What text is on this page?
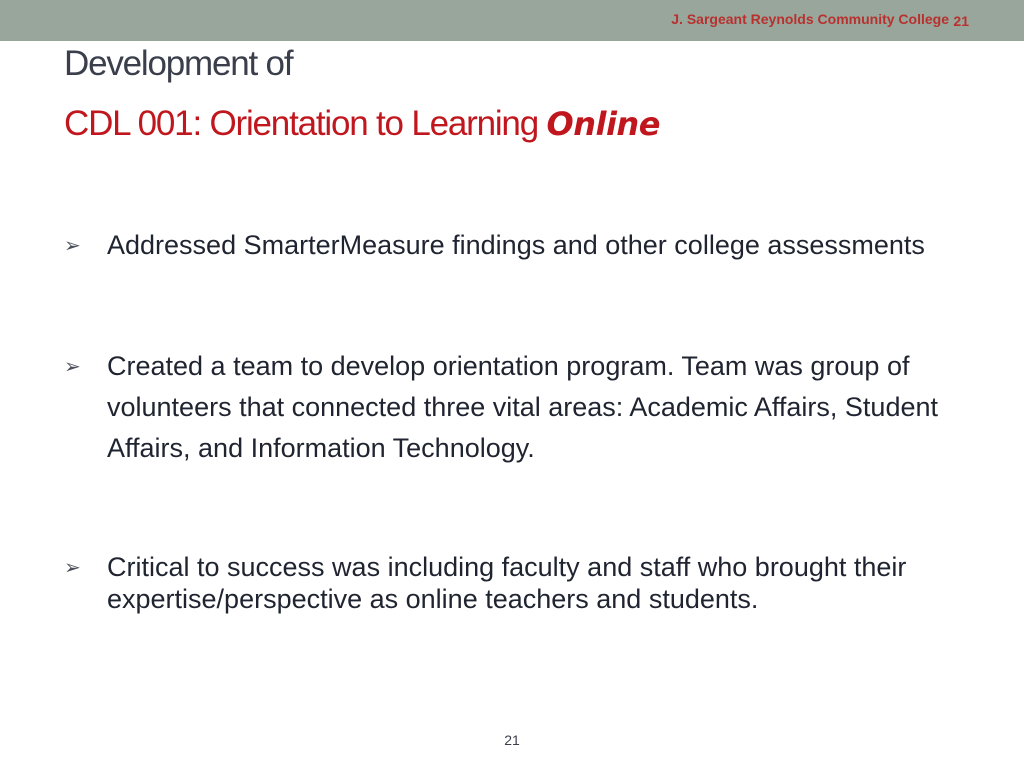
J. Sargeant Reynolds Community College 21
Development of
CDL 001: Orientation to Learning Online
➢ Addressed SmarterMeasure findings and other college assessments
➢ Created a team to develop orientation program. Team was group of volunteers that connected three vital areas: Academic Affairs, Student Affairs, and Information Technology.
➢ Critical to success was including faculty and staff who brought their expertise/perspective as online teachers and students.
21
